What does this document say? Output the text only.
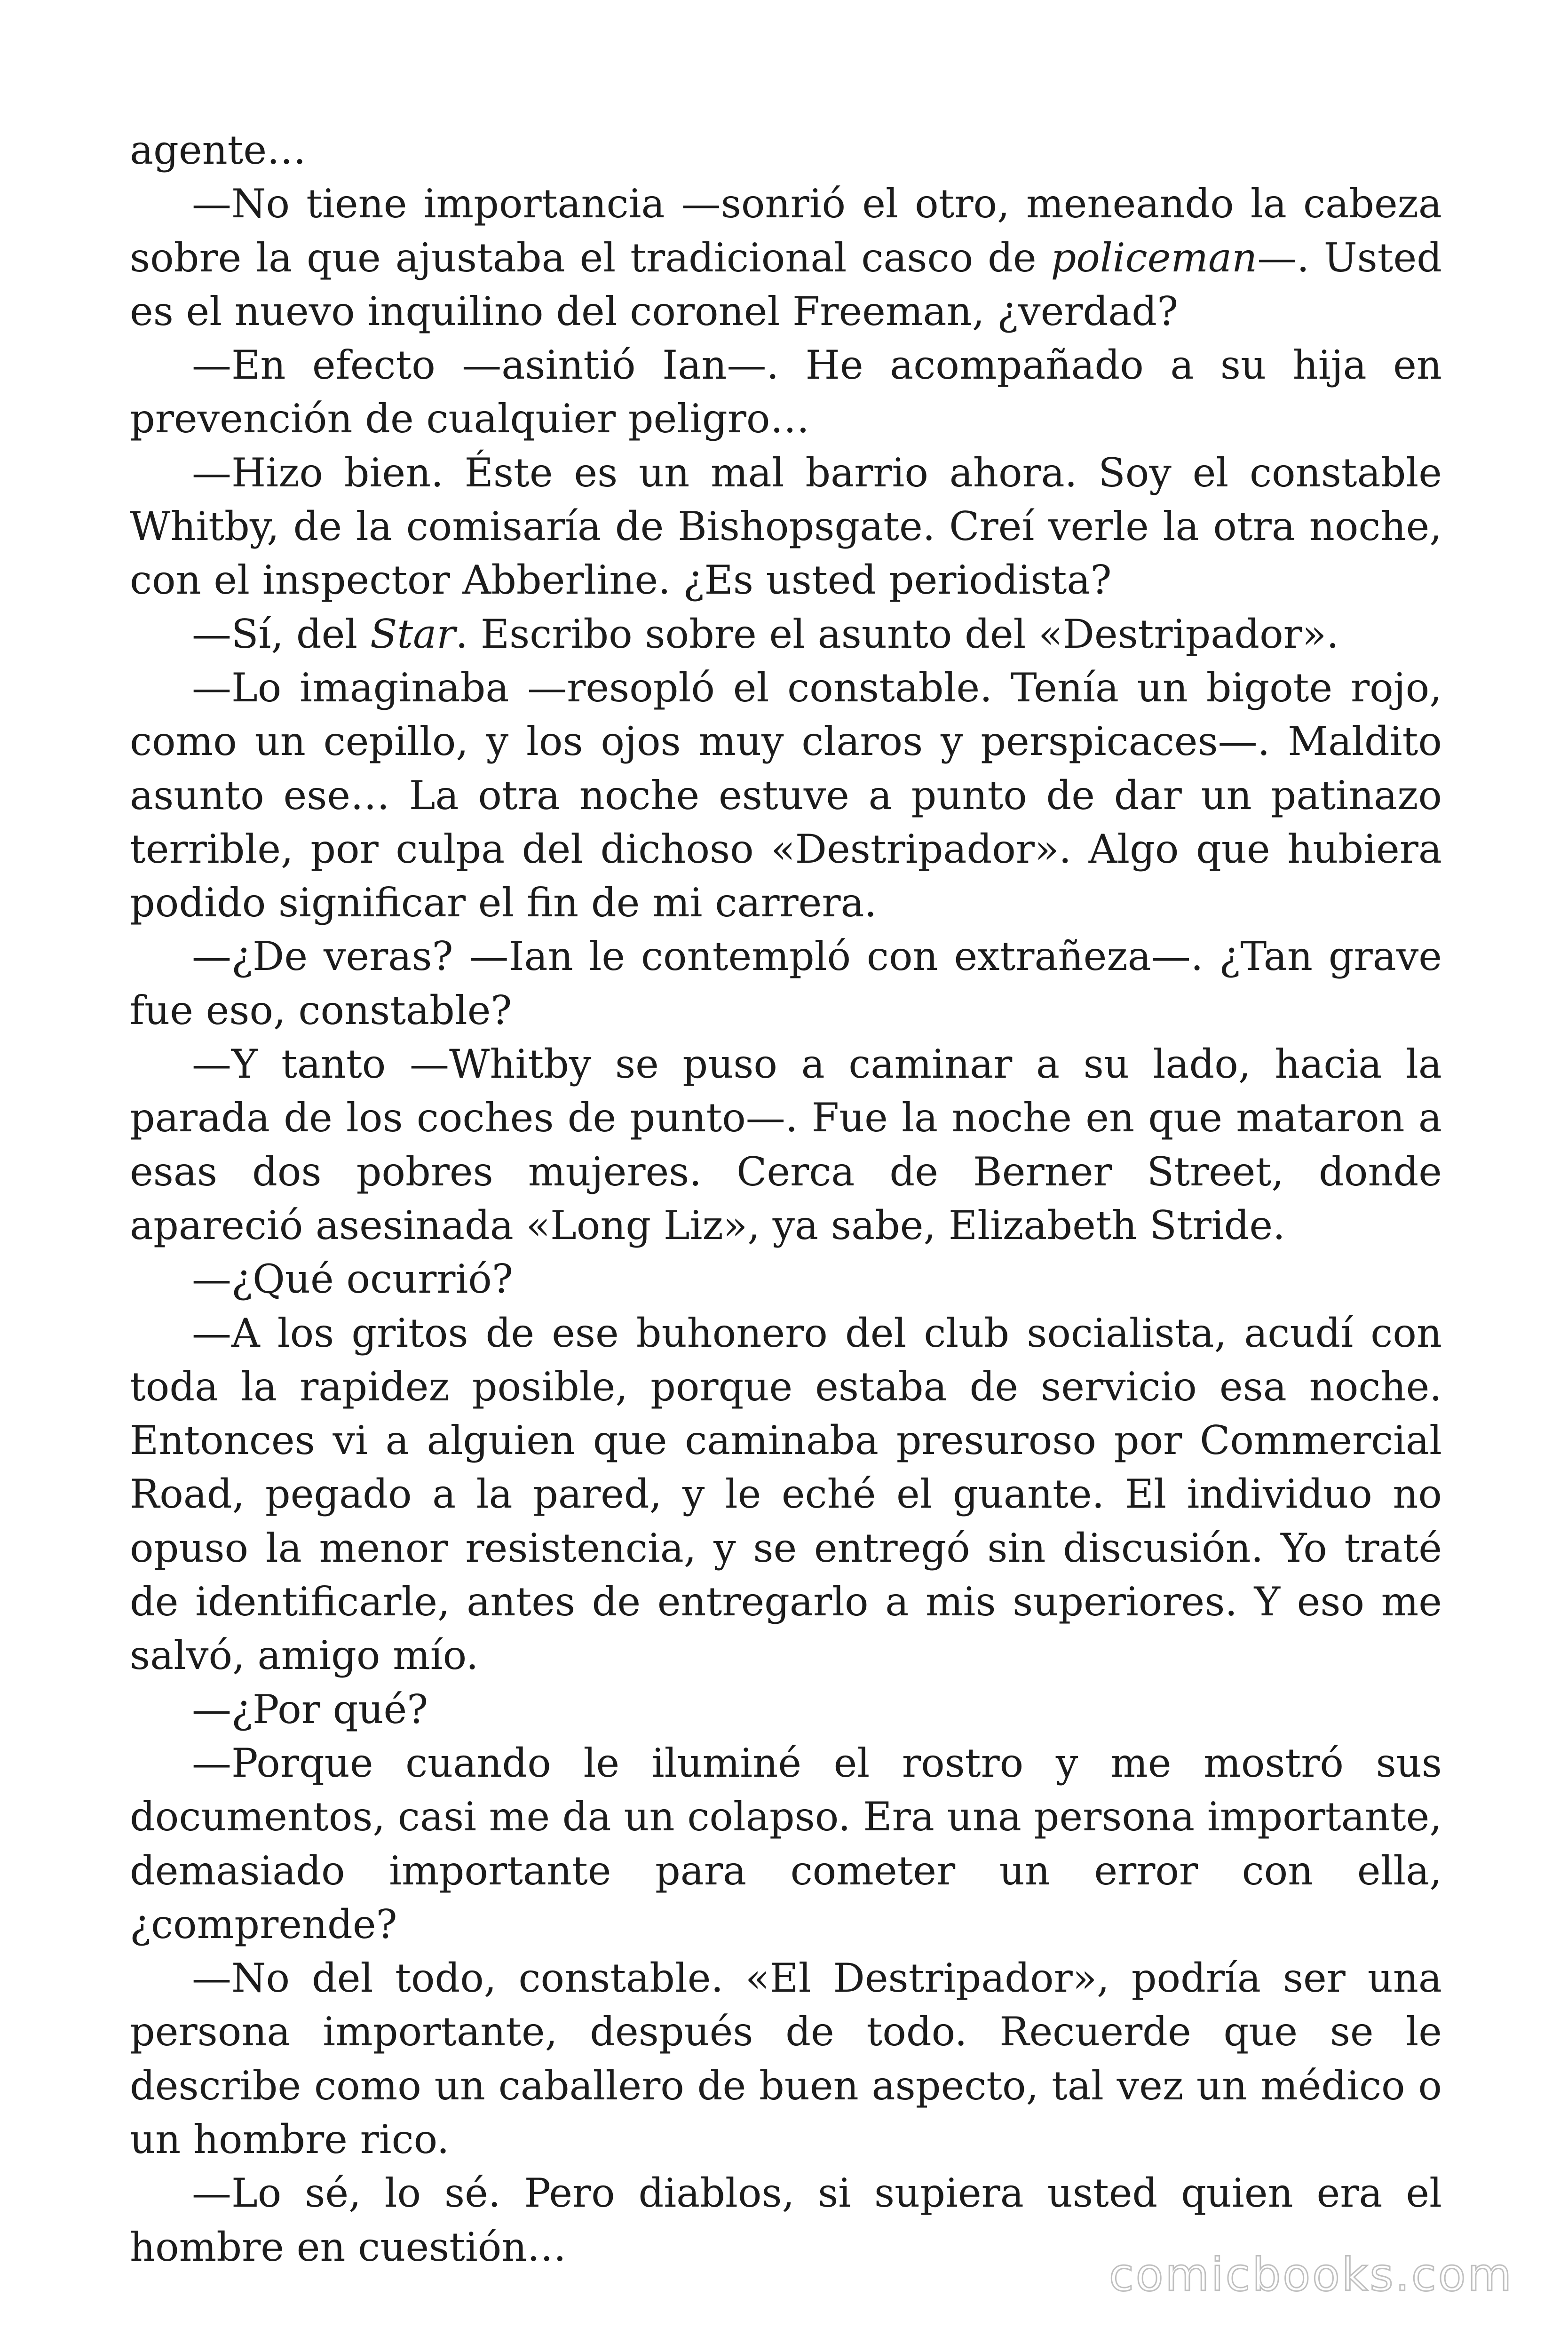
agente…

—No tiene importancia —sonrió el otro, meneando la cabeza sobre la que ajustaba el tradicional casco de policeman—. Usted es el nuevo inquilino del coronel Freeman, ¿verdad?

—En efecto —asintió Ian—. He acompañado a su hija en prevención de cualquier peligro…

—Hizo bien. Éste es un mal barrio ahora. Soy el constable Whitby, de la comisaría de Bishopsgate. Creí verle la otra noche, con el inspector Abberline. ¿Es usted periodista?

—Sí, del Star. Escribo sobre el asunto del «Destripador».

—Lo imaginaba —resopló el constable. Tenía un bigote rojo, como un cepillo, y los ojos muy claros y perspicaces—. Maldito asunto ese… La otra noche estuve a punto de dar un patinazo terrible, por culpa del dichoso «Destripador». Algo que hubiera podido significar el fin de mi carrera.

—¿De veras? —Ian le contempló con extrañeza—. ¿Tan grave fue eso, constable?

—Y tanto —Whitby se puso a caminar a su lado, hacia la parada de los coches de punto—. Fue la noche en que mataron a esas dos pobres mujeres. Cerca de Berner Street, donde apareció asesinada «Long Liz», ya sabe, Elizabeth Stride.

—¿Qué ocurrió?

—A los gritos de ese buhonero del club socialista, acudí con toda la rapidez posible, porque estaba de servicio esa noche. Entonces vi a alguien que caminaba presuroso por Commercial Road, pegado a la pared, y le eché el guante. El individuo no opuso la menor resistencia, y se entregó sin discusión. Yo traté de identificarle, antes de entregarlo a mis superiores. Y eso me salvó, amigo mío.

—¿Por qué?

—Porque cuando le iluminé el rostro y me mostró sus documentos, casi me da un colapso. Era una persona importante, demasiado importante para cometer un error con ella, ¿comprende?

—No del todo, constable. «El Destripador», podría ser una persona importante, después de todo. Recuerde que se le describe como un caballero de buen aspecto, tal vez un médico o un hombre rico.

—Lo sé, lo sé. Pero diablos, si supiera usted quien era el hombre en cuestión…

comicbooks.com
